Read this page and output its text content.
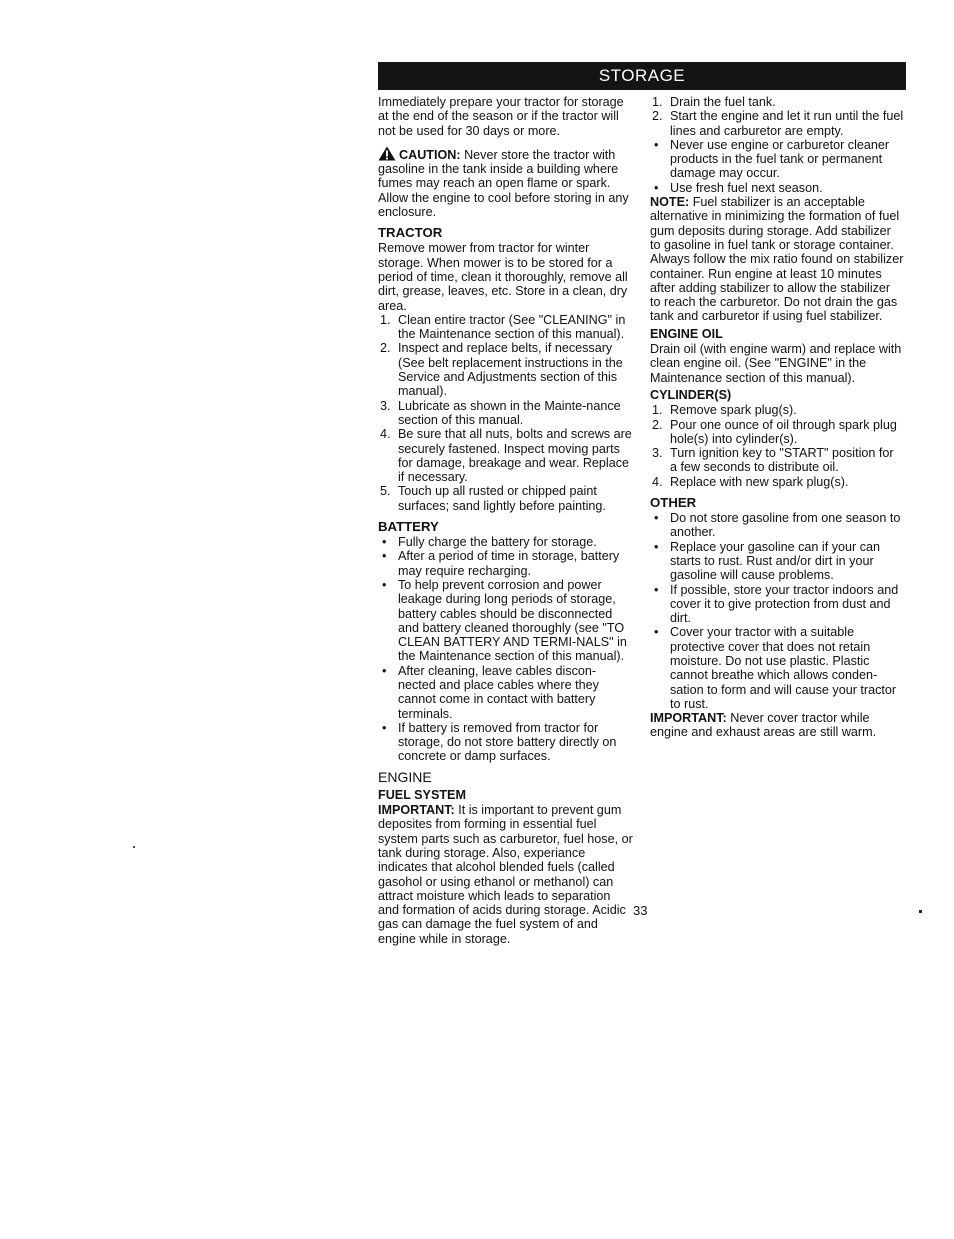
STORAGE

Immediately prepare your tractor for storage at the end of the season or if the tractor will not be used for 30 days or more.

CAUTION: Never store the tractor with gasoline in the tank inside a building where fumes may reach an open flame or spark. Allow the engine to cool before storing in any enclosure.

TRACTOR

Remove mower from tractor for winter storage. When mower is to be stored for a period of time, clean it thoroughly, remove all dirt, grease, leaves, etc. Store in a clean, dry area.

1. Clean entire tractor (See "CLEANING" in the Maintenance section of this manual).
2. Inspect and replace belts, if necessary (See belt replacement instructions in the Service and Adjustments section of this manual).
3. Lubricate as shown in the Mainte-nance section of this manual.
4. Be sure that all nuts, bolts and screws are securely fastened. Inspect moving parts for damage, breakage and wear. Replace if necessary.
5. Touch up all rusted or chipped paint surfaces; sand lightly before painting.
BATTERY
• Fully charge the battery for storage.
• After a period of time in storage, battery may require recharging.
• To help prevent corrosion and power leakage during long periods of storage, battery cables should be disconnected and battery cleaned thoroughly (see "TO CLEAN BATTERY AND TERMI-NALS" in the Maintenance section of this manual).
• After cleaning, leave cables discon-nected and place cables where they cannot come in contact with battery terminals.
• If battery is removed from tractor for storage, do not store battery directly on concrete or damp surfaces.
ENGINE
FUEL SYSTEM

IMPORTANT: It is important to prevent gum deposites from forming in essential fuel system parts such as carburetor, fuel hose, or tank during storage. Also, experiance indicates that alcohol blended fuels (called gasohol or using ethanol or methanol) can attract moisture which leads to separation and formation of acids during storage. Acidic gas can damage the fuel system of and engine while in storage.

1. Drain the fuel tank.
2. Start the engine and let it run until the fuel lines and carburetor are empty.
• Never use engine or carburetor cleaner products in the fuel tank or permanent damage may occur.
• Use fresh fuel next season.

NOTE: Fuel stabilizer is an acceptable alternative in minimizing the formation of fuel gum deposits during storage. Add stabilizer to gasoline in fuel tank or storage container. Always follow the mix ratio found on stabilizer container. Run engine at least 10 minutes after adding stabilizer to allow the stabilizer to reach the carburetor. Do not drain the gas tank and carburetor if using fuel stabilizer.

ENGINE OIL

Drain oil (with engine warm) and replace with clean engine oil. (See "ENGINE" in the Maintenance section of this manual).

CYLINDER(S)
1. Remove spark plug(s).
2. Pour one ounce of oil through spark plug hole(s) into cylinder(s).
3. Turn ignition key to "START" position for a few seconds to distribute oil.
4. Replace with new spark plug(s).
OTHER
• Do not store gasoline from one season to another.
• Replace your gasoline can if your can starts to rust. Rust and/or dirt in your gasoline will cause problems.
• If possible, store your tractor indoors and cover it to give protection from dust and dirt.
• Cover your tractor with a suitable protective cover that does not retain moisture. Do not use plastic. Plastic cannot breathe which allows conden-sation to form and will cause your tractor to rust.

IMPORTANT: Never cover tractor while engine and exhaust areas are still warm.

33
